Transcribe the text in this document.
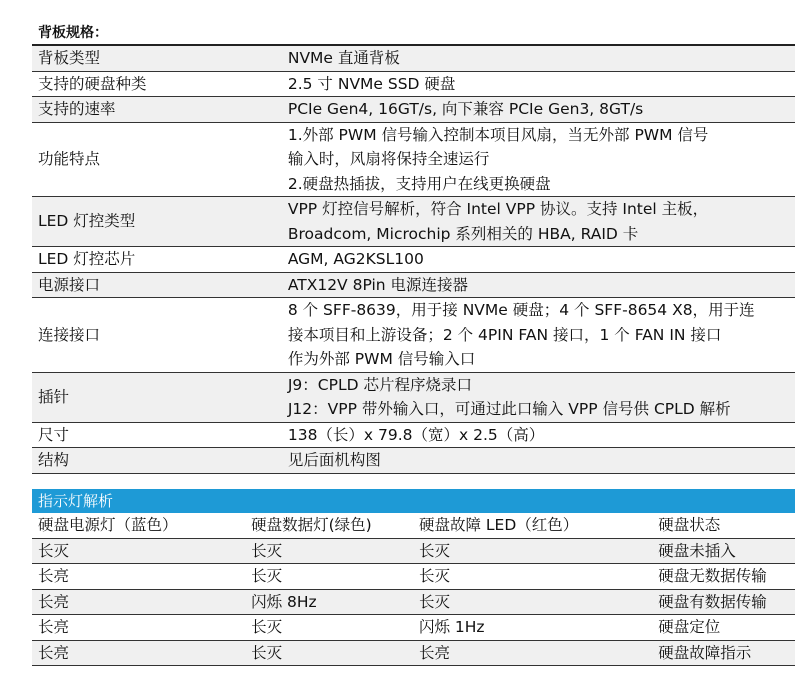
背板规格：
背板类型	NVMe 直通背板

支持的硬盘种类	2.5 寸 NVMe SSD 硬盘

支持的速率	PCIe Gen4, 16GT/s, 向下兼容 PCIe Gen3, 8GT/s

功能特点	1.外部 PWM 信号输入控制本项目风扇，当无外部 PWM 信号
输入时，风扇将保持全速运行
2.硬盘热插拔，支持用户在线更换硬盘

LED 灯控类型	VPP 灯控信号解析，符合 Intel VPP 协议。支持 Intel 主板，
Broadcom, Microchip 系列相关的 HBA, RAID 卡

LED 灯控芯片	AGM, AG2KSL100

电源接口	ATX12V 8Pin 电源连接器

连接接口	8 个 SFF-8639，用于接 NVMe 硬盘；4 个 SFF-8654 X8，用于连
接本项目和上游设备；2 个 4PIN FAN 接口，1 个 FAN IN 接口
作为外部 PWM 信号输入口

插针	J9：CPLD 芯片程序烧录口
J12：VPP 带外输入口，可通过此口输入 VPP 信号供 CPLD 解析

尺寸	138（长）x 79.8（宽）x 2.5（高）

结构	见后面机构图
指示灯解析
硬盘电源灯（蓝色）	硬盘数据灯(绿色)	硬盘故障 LED（红色）	硬盘状态
长灭	长灭	长灭	硬盘未插入
长亮	长灭	长灭	硬盘无数据传输
长亮	闪烁 8Hz	长灭	硬盘有数据传输
长亮	长灭	闪烁 1Hz	硬盘定位
长亮	长灭	长亮	硬盘故障指示
